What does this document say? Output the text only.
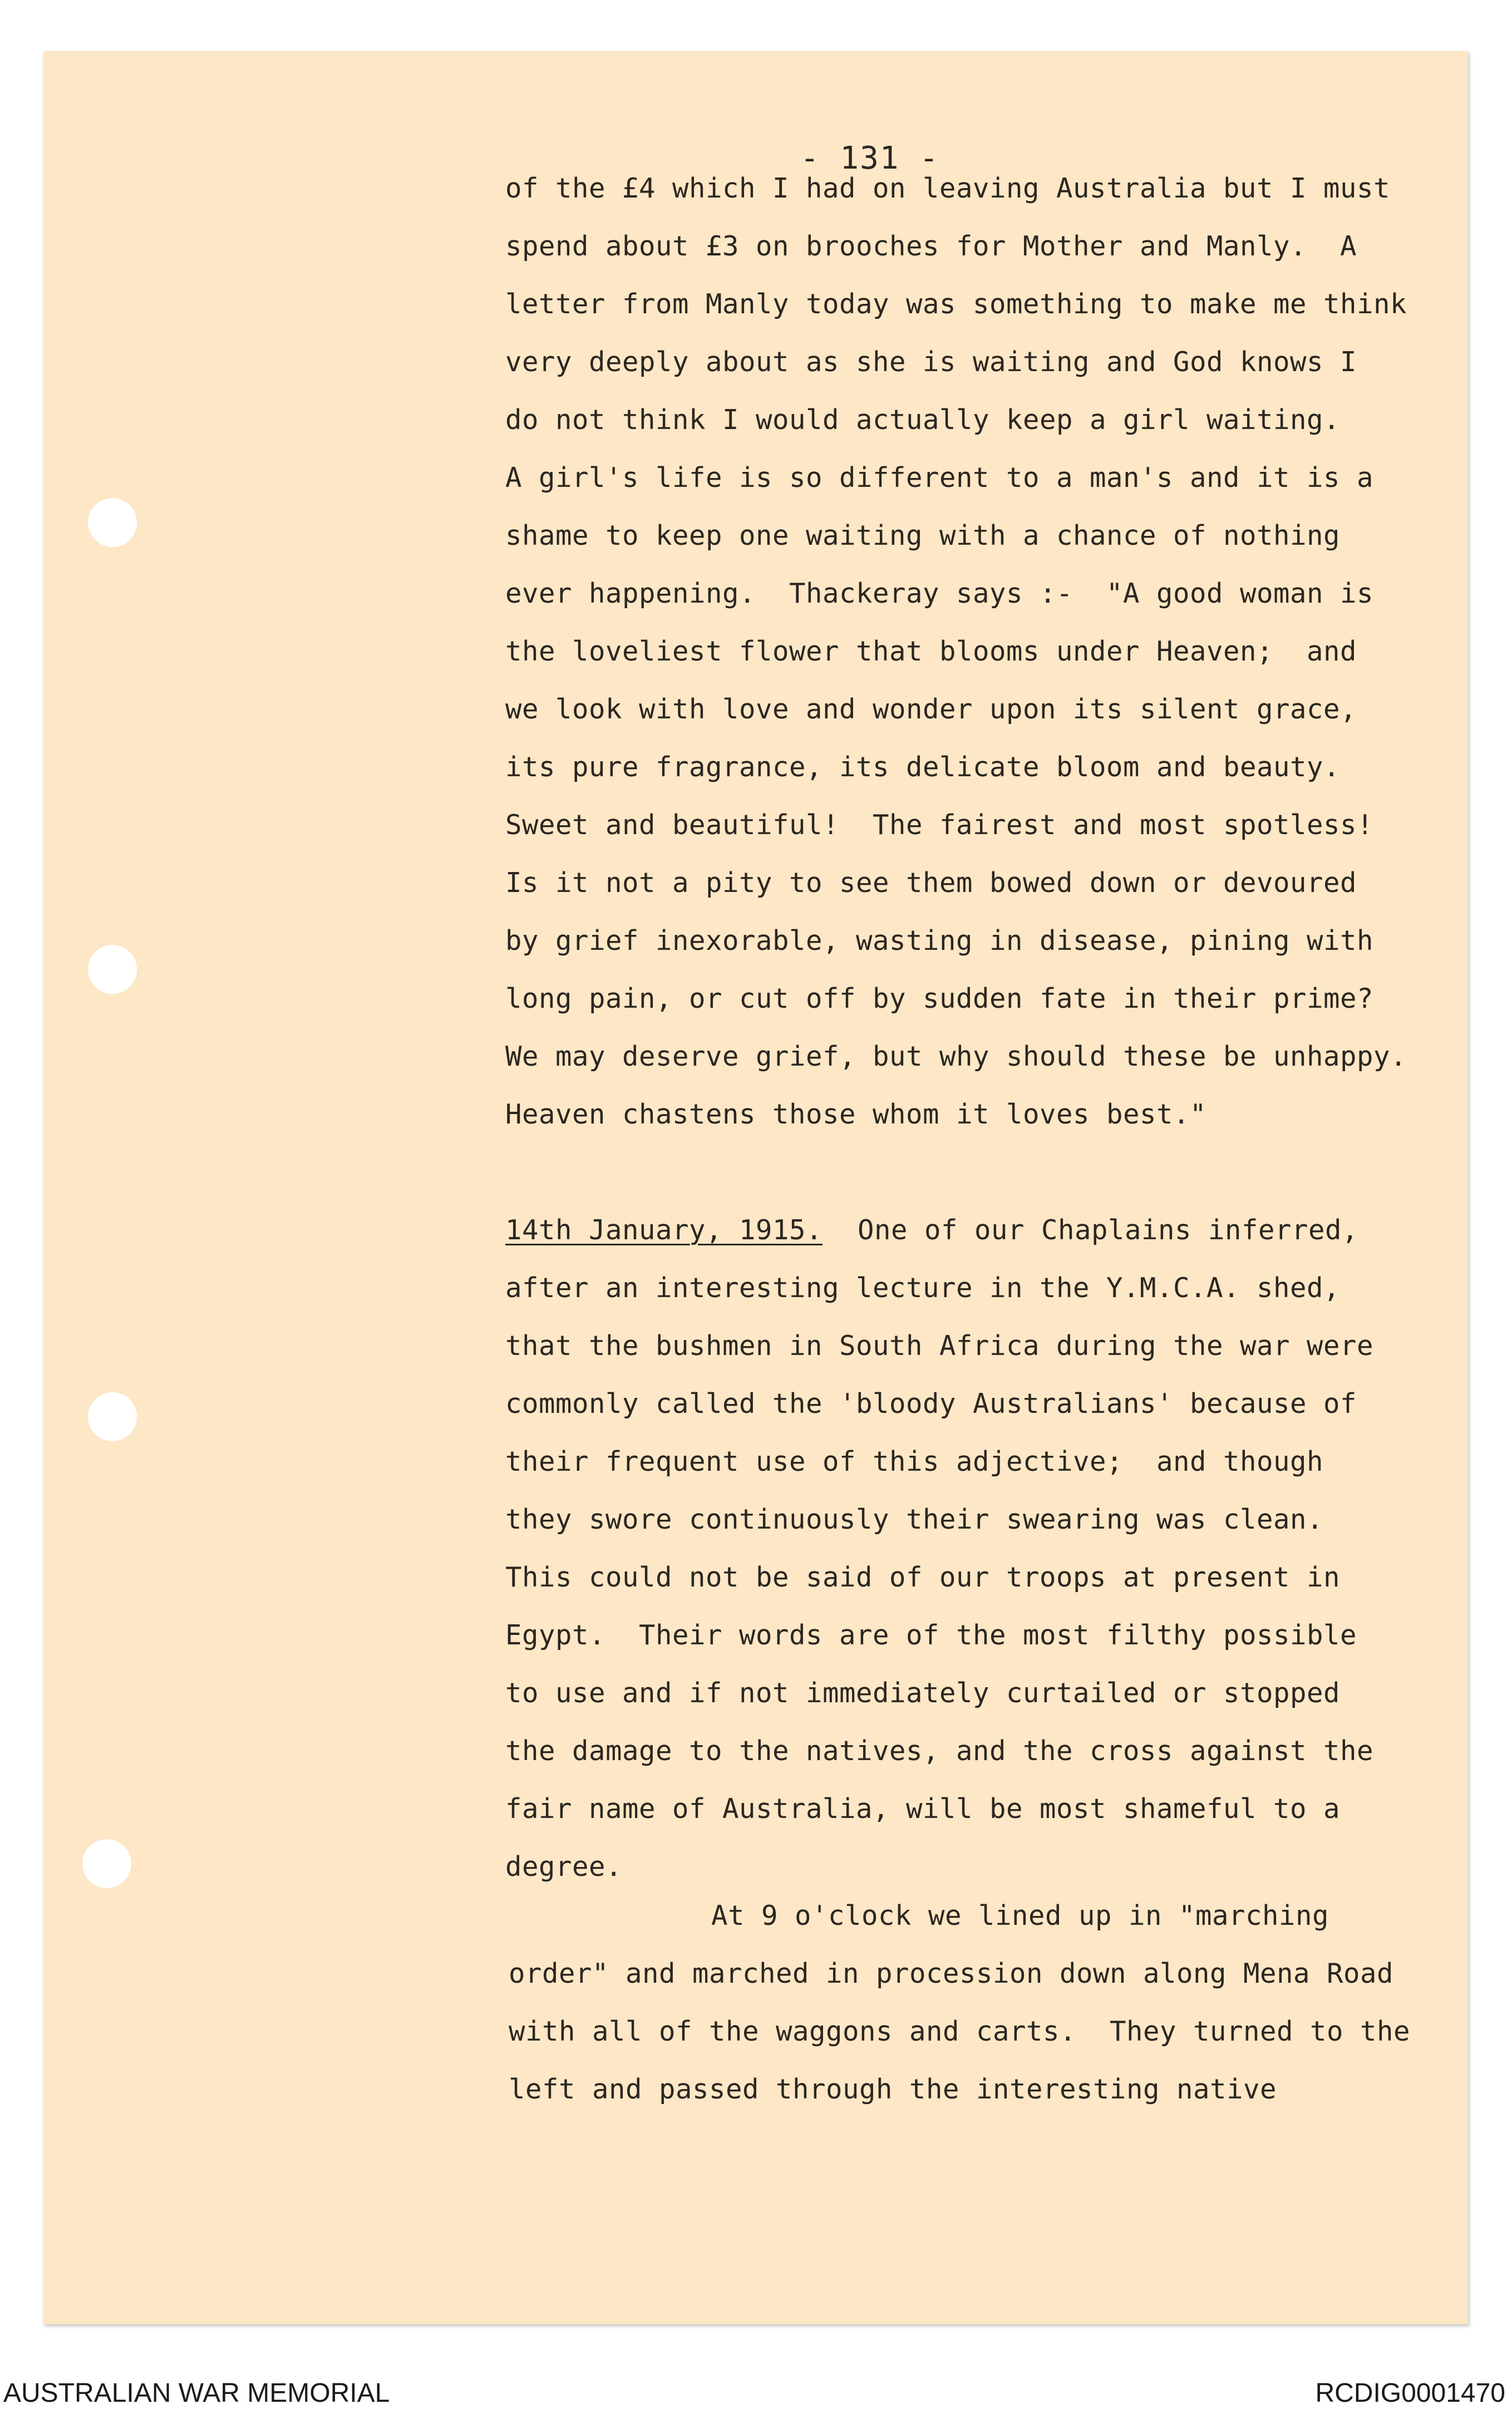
- 131 -
of the £4 which I had on leaving Australia but I must
spend about £3 on brooches for Mother and Manly.  A
letter from Manly today was something to make me think
very deeply about as she is waiting and God knows I
do not think I would actually keep a girl waiting.
A girl's life is so different to a man's and it is a
shame to keep one waiting with a chance of nothing
ever happening.  Thackeray says :-  "A good woman is
the loveliest flower that blooms under Heaven;  and
we look with love and wonder upon its silent grace,
its pure fragrance, its delicate bloom and beauty.
Sweet and beautiful!  The fairest and most spotless!
Is it not a pity to see them bowed down or devoured
by grief inexorable, wasting in disease, pining with
long pain, or cut off by sudden fate in their prime?
We may deserve grief, but why should these be unhappy.
Heaven chastens those whom it loves best."
14th January, 1915. One of our Chaplains inferred,
after an interesting lecture in the Y.M.C.A. shed,
that the bushmen in South Africa during the war were
commonly called the 'bloody Australians' because of
their frequent use of this adjective;  and though
they swore continuously their swearing was clean.
This could not be said of our troops at present in
Egypt.  Their words are of the most filthy possible
to use and if not immediately curtailed or stopped
the damage to the natives, and the cross against the
fair name of Australia, will be most shameful to a
degree.
At 9 o'clock we lined up in "marching
order" and marched in procession down along Mena Road
with all of the waggons and carts.  They turned to the
left and passed through the interesting native
AUSTRALIAN WAR MEMORIAL	RCDIG0001470
